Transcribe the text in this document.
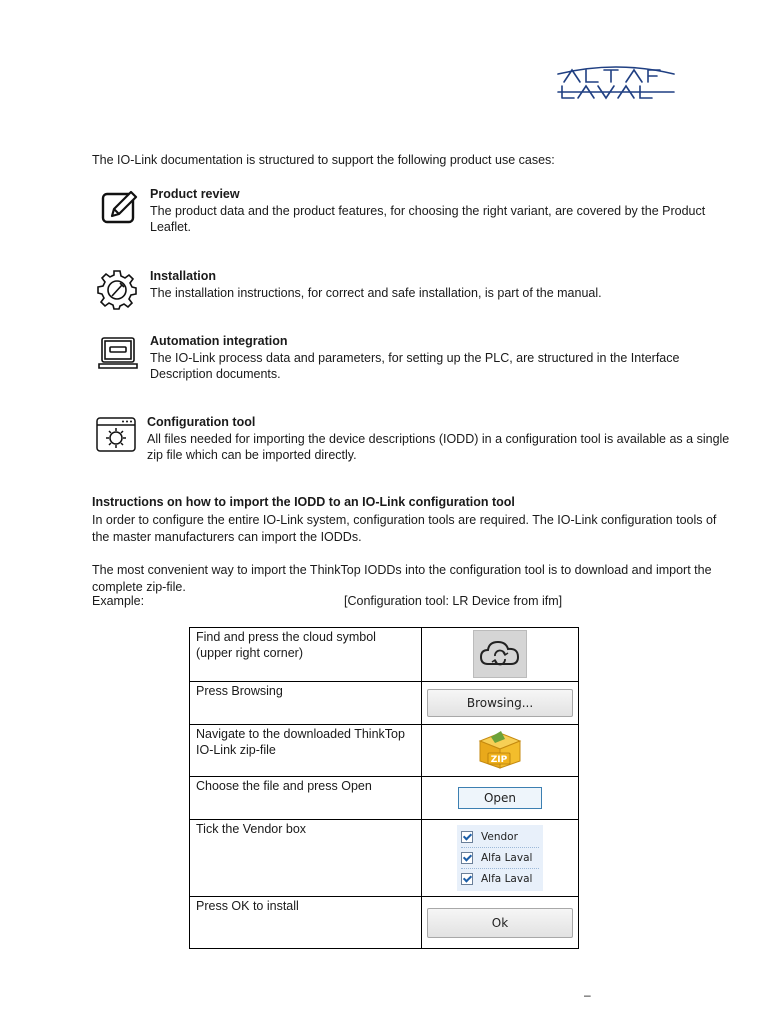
The IO-Link documentation is structured to support the following product use cases:
Product review
The product data and the product features, for choosing the right variant, are covered by the Product Leaflet.
Installation
The installation instructions, for correct and safe installation, is part of the manual.
Automation integration
The IO-Link process data and parameters, for setting up the PLC, are structured in the Interface Description documents.
Configuration tool
All files needed for importing the device descriptions (IODD) in a configuration tool is available as a single zip file which can be imported directly.
Instructions on how to import the IODD to an IO-Link configuration tool
In order to configure the entire IO-Link system, configuration tools are required. The IO-Link configuration tools of the master manufacturers can import the IODDs.
The most convenient way to import the ThinkTop IODDs into the configuration tool is to download and import the complete zip-file.
Example:	[Configuration tool: LR Device from ifm]
Find and press the cloud symbol (upper right corner)	
Press Browsing	Browsing...
Navigate to the downloaded ThinkTop IO-Link zip-file	ZIP

Choose the file and press Open	Open
Tick the Vendor box	Vendor
Alfa Laval
Alfa Laval

Press OK to install	Ok
–
